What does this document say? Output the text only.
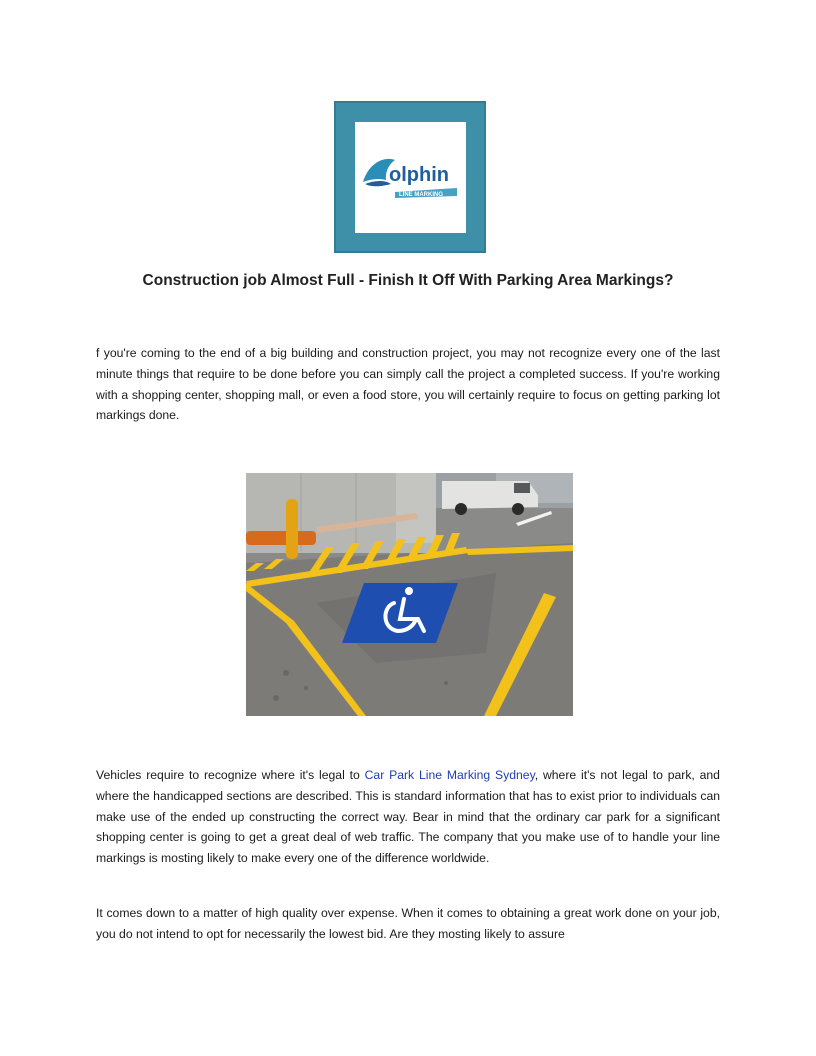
olphin
LINE MARKING
Construction job Almost Full - Finish It Off With Parking Area Markings?

f you're coming to the end of a big building and construction project, you may not recognize every one of the last minute things that require to be done before you can simply call the project a completed success. If you're working with a shopping center, shopping mall, or even a food store, you will certainly require to focus on getting parking lot markings done.

Vehicles require to recognize where it's legal to Car Park Line Marking Sydney, where it's not legal to park, and where the handicapped sections are described. This is standard information that has to exist prior to individuals can make use of the ended up constructing the correct way. Bear in mind that the ordinary car park for a significant shopping center is going to get a great deal of web traffic. The company that you make use of to handle your line markings is mosting likely to make every one of the difference worldwide.

It comes down to a matter of high quality over expense. When it comes to obtaining a great work done on your job, you do not intend to opt for necessarily the lowest bid. Are they mosting likely to assure
